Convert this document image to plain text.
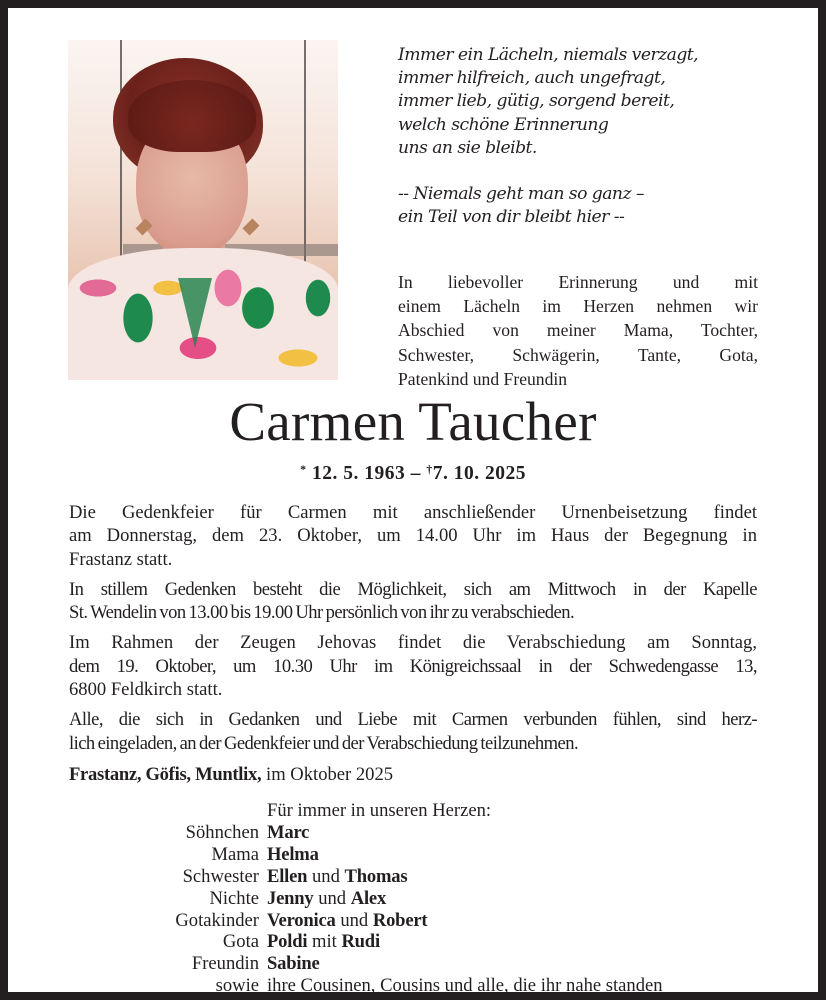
Immer ein Lächeln, niemals verzagt,
immer hilfreich, auch ungefragt,
immer lieb, gütig, sorgend bereit,
welch schöne Erinnerung
uns an sie bleibt.
-- Niemals geht man so ganz –
ein Teil von dir bleibt hier --
In liebevoller Erinnerung und mit
einem Lächeln im Herzen nehmen wir
Abschied von meiner Mama, Tochter,
Schwester, Schwägerin, Tante, Gota,
Patenkind und Freundin
Carmen Taucher
* 12. 5. 1963 – †7. 10. 2025

Die Gedenkfeier für Carmen mit anschließender Urnenbeisetzung findet
am Donnerstag, dem 23. Oktober, um 14.00 Uhr im Haus der Begegnung in
Frastanz statt.

In stillem Gedenken besteht die Möglichkeit, sich am Mittwoch in der Kapelle
St. Wendelin von 13.00 bis 19.00 Uhr persönlich von ihr zu verabschieden.

Im Rahmen der Zeugen Jehovas findet die Verabschiedung am Sonntag,
dem 19. Oktober, um 10.30 Uhr im Königreichssaal in der Schwedengasse 13,
6800 Feldkirch statt.

Alle, die sich in Gedanken und Liebe mit Carmen verbunden fühlen, sind herz-
lich eingeladen, an der Gedenkfeier und der Verabschiedung teilzunehmen.

Frastanz, Göfis, Muntlix, im Oktober 2025
Für immer in unseren Herzen:
Söhnchen Marc
Mama Helma
Schwester Ellen und Thomas
Nichte Jenny und Alex
Gotakinder Veronica und Robert
Gota Poldi mit Rudi
Freundin Sabine
sowie ihre Cousinen, Cousins und alle, die ihr nahe standen
